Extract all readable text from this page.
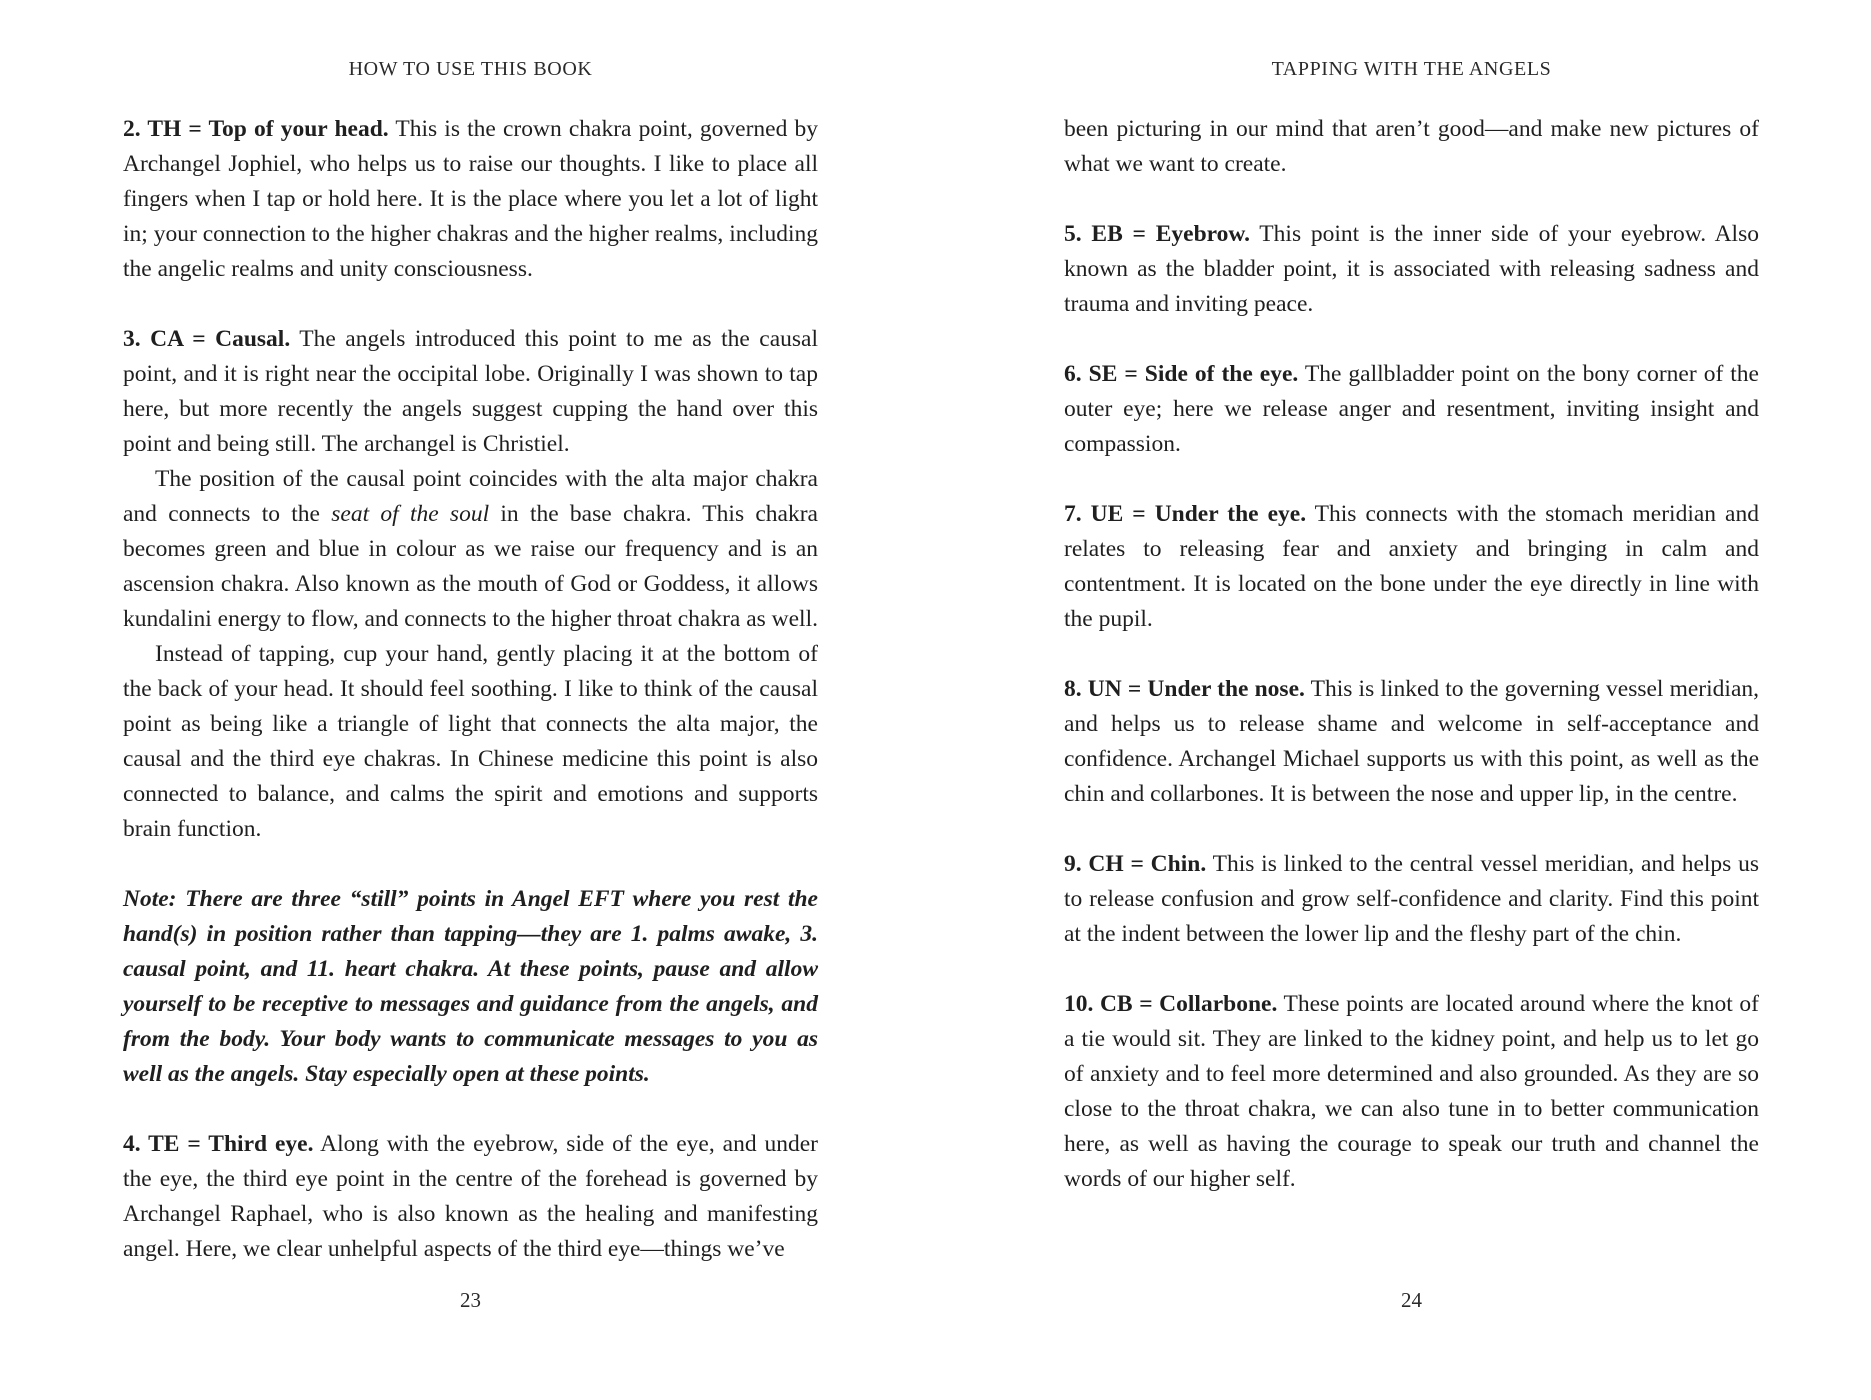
HOW TO USE THIS BOOK

2. TH = Top of your head. This is the crown chakra point, governed by Archangel Jophiel, who helps us to raise our thoughts. I like to place all fingers when I tap or hold here. It is the place where you let a lot of light in; your connection to the higher chakras and the higher realms, including the angelic realms and unity consciousness.

3. CA = Causal. The angels introduced this point to me as the causal point, and it is right near the occipital lobe. Originally I was shown to tap here, but more recently the angels suggest cupping the hand over this point and being still. The archangel is Christiel.

The position of the causal point coincides with the alta major chakra and connects to the seat of the soul in the base chakra. This chakra becomes green and blue in colour as we raise our frequency and is an ascension chakra. Also known as the mouth of God or Goddess, it allows kundalini energy to flow, and connects to the higher throat chakra as well.

Instead of tapping, cup your hand, gently placing it at the bottom of the back of your head. It should feel soothing. I like to think of the causal point as being like a triangle of light that connects the alta major, the causal and the third eye chakras. In Chinese medicine this point is also connected to balance, and calms the spirit and emotions and supports brain function.

Note: There are three “still” points in Angel EFT where you rest the hand(s) in position rather than tapping—they are 1. palms awake, 3. causal point, and 11. heart chakra. At these points, pause and allow yourself to be receptive to messages and guidance from the angels, and from the body. Your body wants to communicate messages to you as well as the angels. Stay especially open at these points.

4. TE = Third eye. Along with the eyebrow, side of the eye, and under the eye, the third eye point in the centre of the forehead is governed by Archangel Raphael, who is also known as the healing and manifesting angel. Here, we clear unhelpful aspects of the third eye—things we’ve

23
TAPPING WITH THE ANGELS

been picturing in our mind that aren’t good—and make new pictures of what we want to create.

5. EB = Eyebrow. This point is the inner side of your eyebrow. Also known as the bladder point, it is associated with releasing sadness and trauma and inviting peace.

6. SE = Side of the eye. The gallbladder point on the bony corner of the outer eye; here we release anger and resentment, inviting insight and compassion.

7. UE = Under the eye. This connects with the stomach meridian and relates to releasing fear and anxiety and bringing in calm and contentment. It is located on the bone under the eye directly in line with the pupil.

8. UN = Under the nose. This is linked to the governing vessel meridian, and helps us to release shame and welcome in self-acceptance and confidence. Archangel Michael supports us with this point, as well as the chin and collarbones. It is between the nose and upper lip, in the centre.

9. CH = Chin. This is linked to the central vessel meridian, and helps us to release confusion and grow self-confidence and clarity. Find this point at the indent between the lower lip and the fleshy part of the chin.

10. CB = Collarbone. These points are located around where the knot of a tie would sit. They are linked to the kidney point, and help us to let go of anxiety and to feel more determined and also grounded. As they are so close to the throat chakra, we can also tune in to better communication here, as well as having the courage to speak our truth and channel the words of our higher self.

24
